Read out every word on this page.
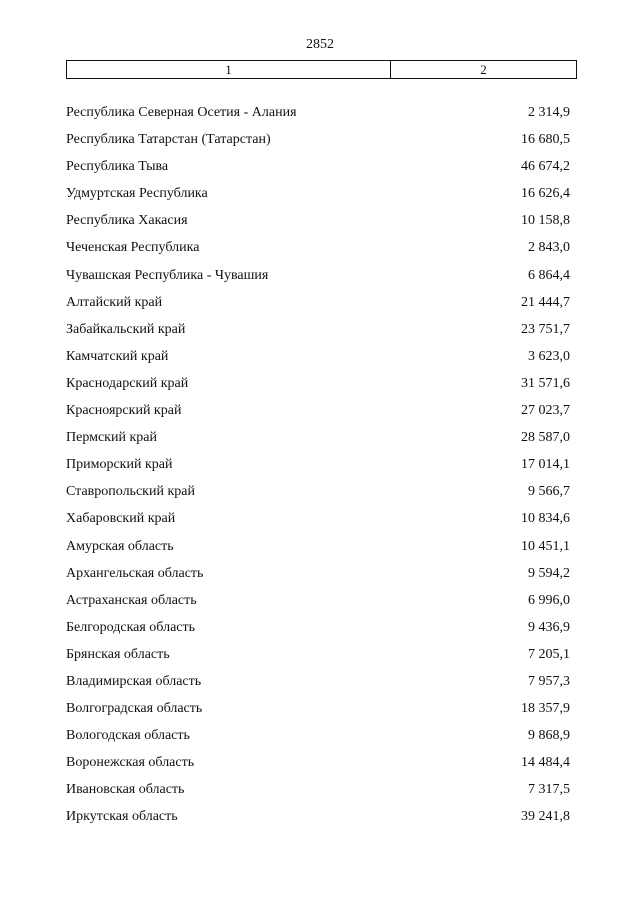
2852
1	2
Республика Северная Осетия - Алания	2 314,9
Республика Татарстан (Татарстан)	16 680,5
Республика Тыва	46 674,2
Удмуртская Республика	16 626,4
Республика Хакасия	10 158,8
Чеченская Республика	2 843,0
Чувашская Республика - Чувашия	6 864,4
Алтайский край	21 444,7
Забайкальский край	23 751,7
Камчатский край	3 623,0
Краснодарский край	31 571,6
Красноярский край	27 023,7
Пермский край	28 587,0
Приморский край	17 014,1
Ставропольский край	9 566,7
Хабаровский край	10 834,6
Амурская область	10 451,1
Архангельская область	9 594,2
Астраханская область	6 996,0
Белгородская область	9 436,9
Брянская область	7 205,1
Владимирская область	7 957,3
Волгоградская область	18 357,9
Вологодская область	9 868,9
Воронежская область	14 484,4
Ивановская область	7 317,5
Иркутская область	39 241,8
